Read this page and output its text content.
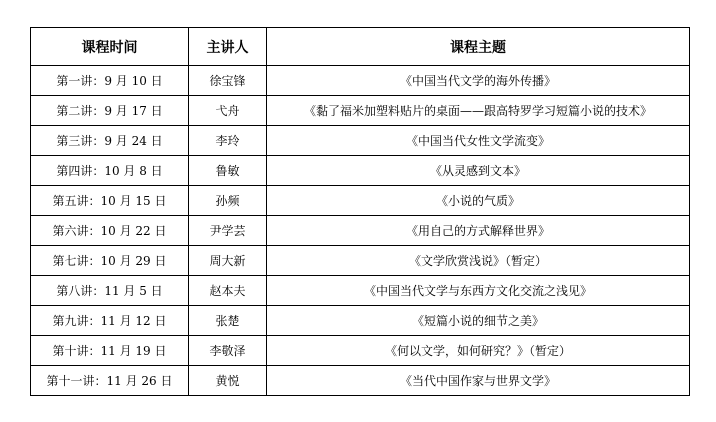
课程时间	主讲人	课程主题
第一讲：9 月 10 日	徐宝锋	《中国当代文学的海外传播》
第二讲：9 月 17 日	弋舟	《黏了福米加塑料贴片的桌面——跟高特罗学习短篇小说的技术》
第三讲：9 月 24 日	李玲	《中国当代女性文学流变》
第四讲：10 月 8 日	鲁敏	《从灵感到文本》
第五讲：10 月 15 日	孙频	《小说的气质》
第六讲：10 月 22 日	尹学芸	《用自己的方式解释世界》
第七讲：10 月 29 日	周大新	《文学欣赏浅说》（暂定）
第八讲：11 月 5 日	赵本夫	《中国当代文学与东西方文化交流之浅见》
第九讲：11 月 12 日	张楚	《短篇小说的细节之美》
第十讲：11 月 19 日	李敬泽	《何以文学，如何研究？》（暂定）
第十一讲：11 月 26 日	黄悦	《当代中国作家与世界文学》
